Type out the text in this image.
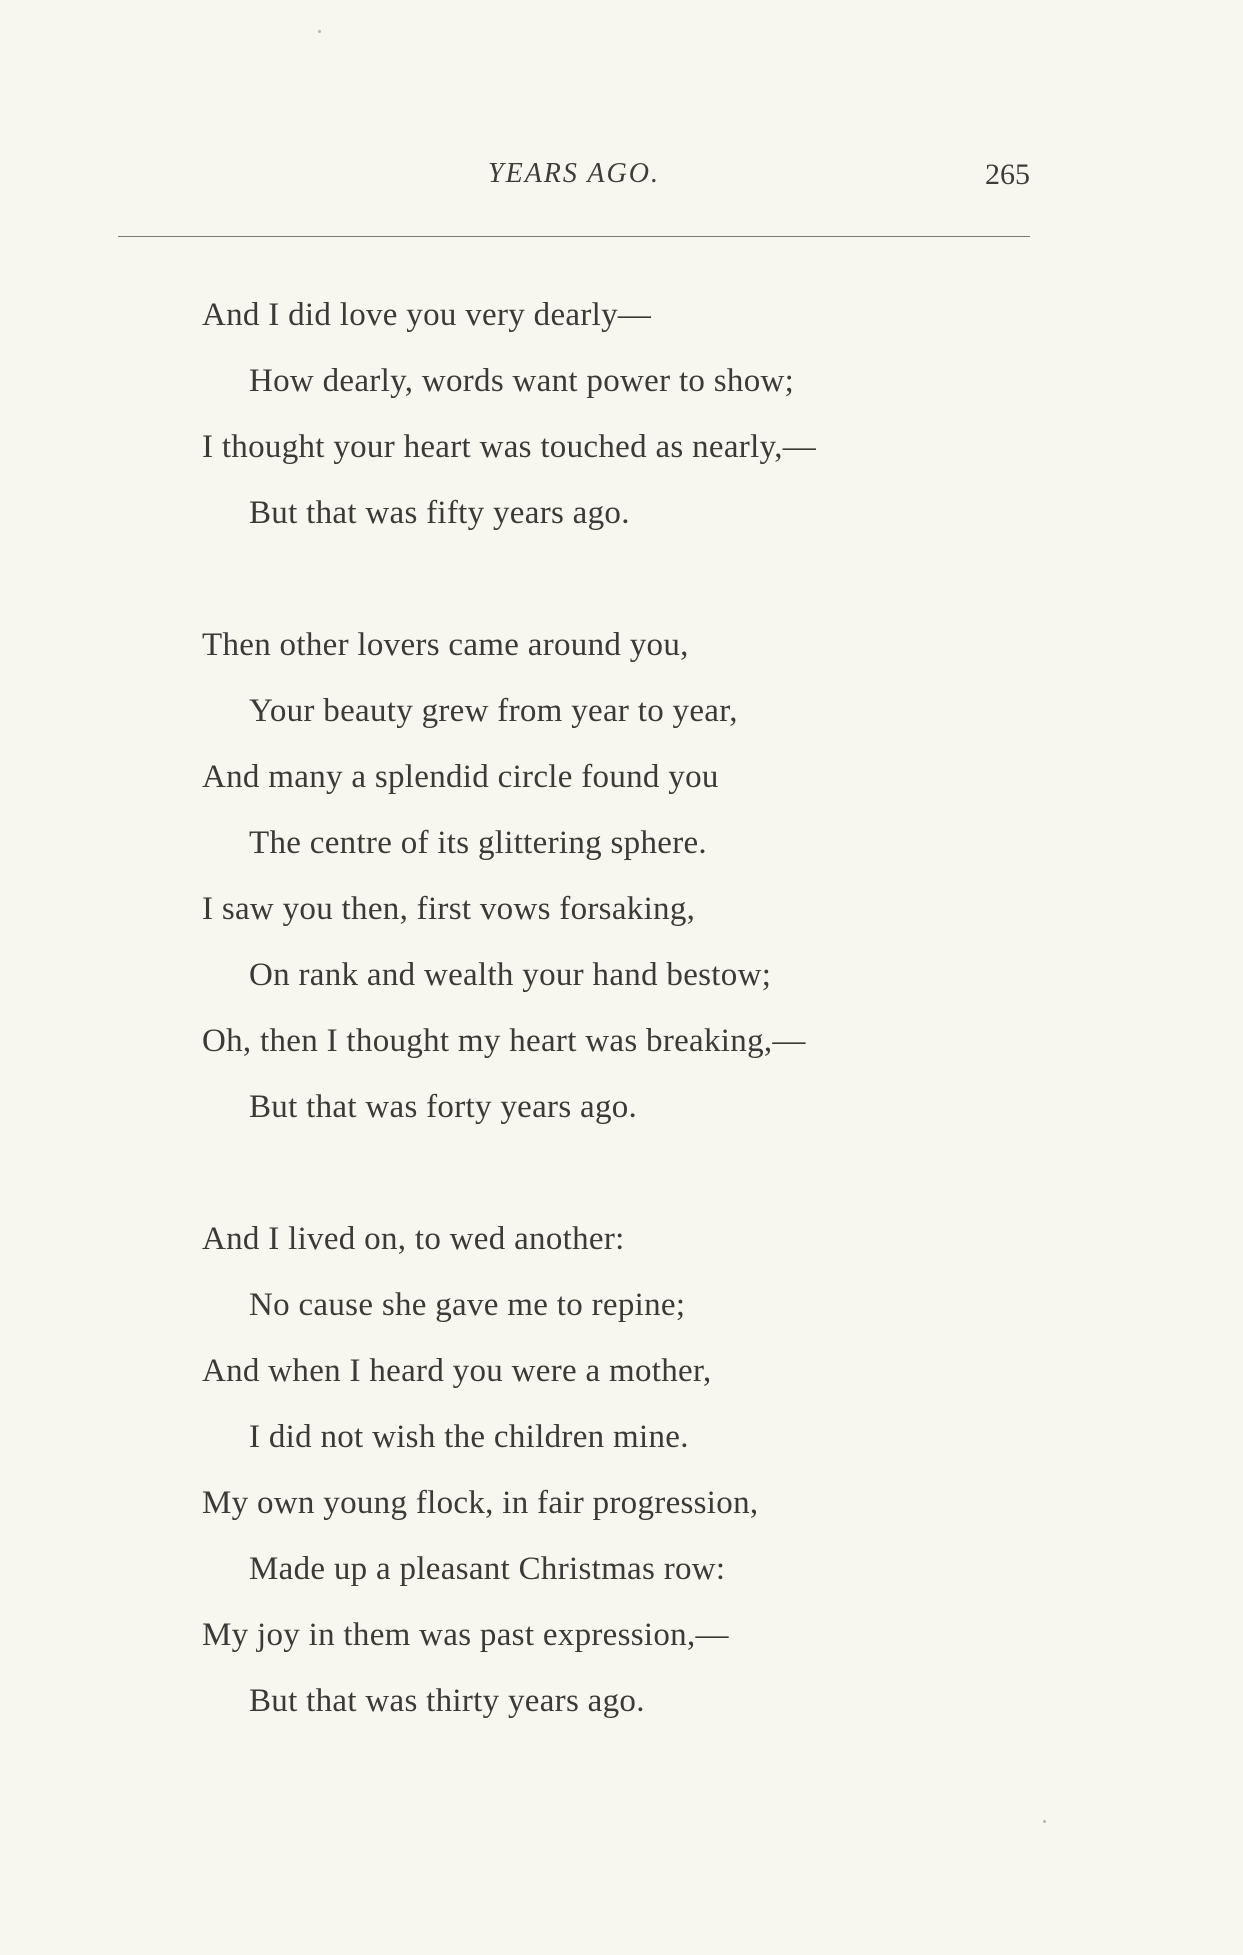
YEARS AGO.	265
And I did love you very dearly—
How dearly, words want power to show;
I thought your heart was touched as nearly,—
But that was fifty years ago.
Then other lovers came around you,
Your beauty grew from year to year,
And many a splendid circle found you
The centre of its glittering sphere.
I saw you then, first vows forsaking,
On rank and wealth your hand bestow;
Oh, then I thought my heart was breaking,—
But that was forty years ago.
And I lived on, to wed another:
No cause she gave me to repine;
And when I heard you were a mother,
I did not wish the children mine.
My own young flock, in fair progression,
Made up a pleasant Christmas row:
My joy in them was past expression,—
But that was thirty years ago.
